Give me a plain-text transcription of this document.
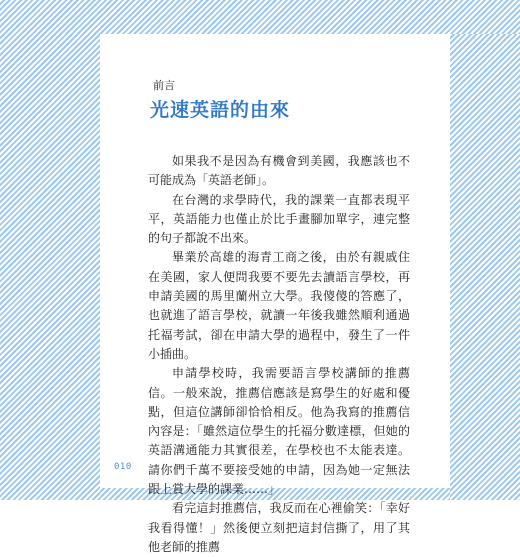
前言
光速英語的由來

如果我不是因為有機會到美國，我應該也不可能成為「英語老師」。

在台灣的求學時代，我的課業一直都表現平平，英語能力也僅止於比手畫腳加單字，連完整的句子都說不出來。

畢業於高雄的海青工商之後，由於有親戚住在美國，家人便問我要不要先去讀語言學校，再申請美國的馬里蘭州立大學。我傻傻的答應了，也就進了語言學校，就讀一年後我雖然順利通過托福考試，卻在申請大學的過程中，發生了一件小插曲。

申請學校時，我需要語言學校講師的推薦信。一般來說，推薦信應該是寫學生的好處和優點，但這位講師卻恰恰相反。他為我寫的推薦信內容是：「雖然這位學生的托福分數達標，但她的英語溝通能力其實很差，在學校也不太能表達。請你們千萬不要接受她的申請，因為她一定無法跟上賞大學的課業……」

看完這封推薦信，我反而在心裡偷笑：「幸好我看得懂！」然後便立刻把這封信撕了，用了其他老師的推薦

010
